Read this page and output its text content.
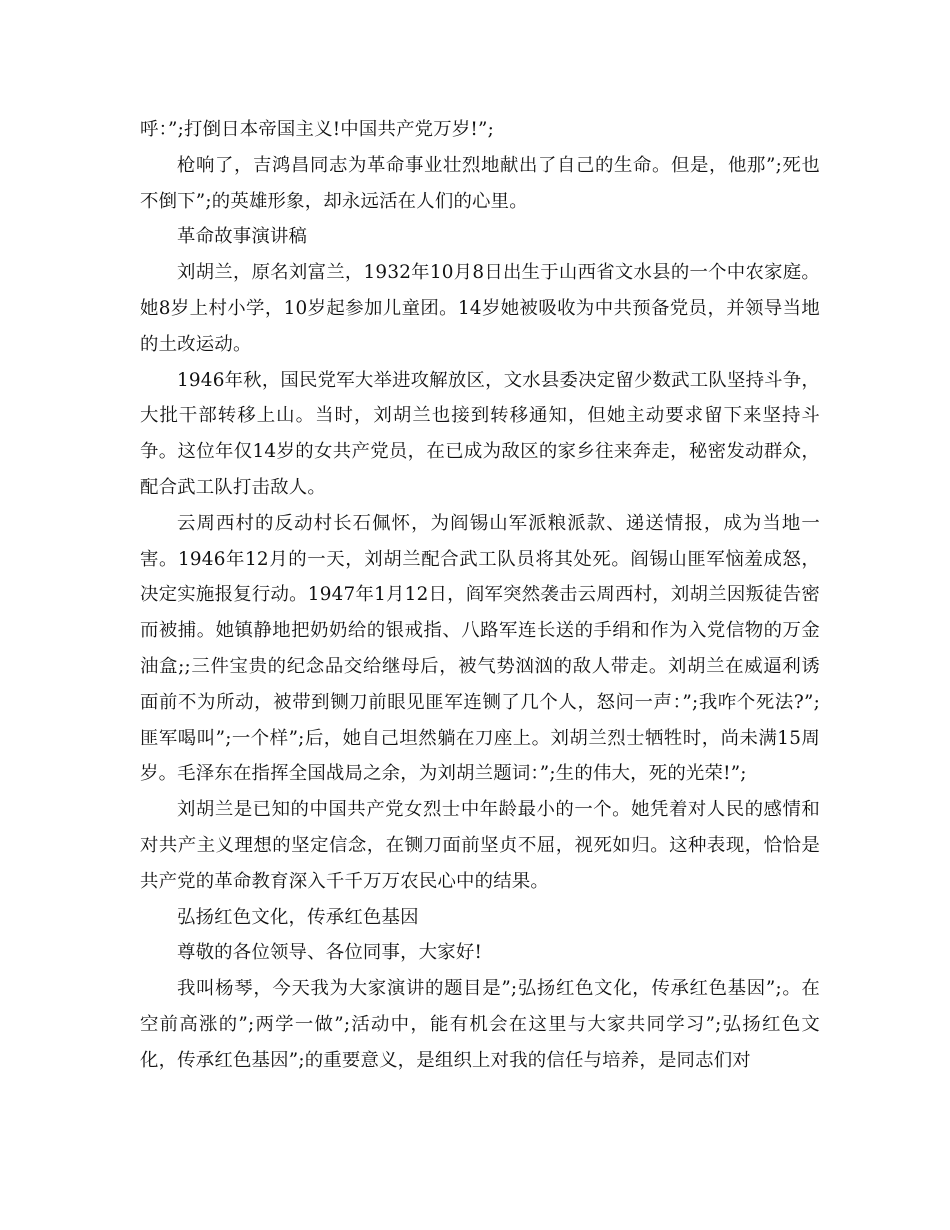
呼：”;打倒日本帝国主义!中国共产党万岁!”;

枪响了，吉鸿昌同志为革命事业壮烈地献出了自己的生命。但是，他那”;死也不倒下”;的英雄形象，却永远活在人们的心里。

革命故事演讲稿

刘胡兰，原名刘富兰，1932年10月8日出生于山西省文水县的一个中农家庭。她8岁上村小学，10岁起参加儿童团。14岁她被吸收为中共预备党员，并领导当地的土改运动。

1946年秋，国民党军大举进攻解放区，文水县委决定留少数武工队坚持斗争，大批干部转移上山。当时，刘胡兰也接到转移通知，但她主动要求留下来坚持斗争。这位年仅14岁的女共产党员，在已成为敌区的家乡往来奔走，秘密发动群众，配合武工队打击敌人。

云周西村的反动村长石佩怀，为阎锡山军派粮派款、递送情报，成为当地一害。1946年12月的一天，刘胡兰配合武工队员将其处死。阎锡山匪军恼羞成怒，决定实施报复行动。1947年1月12日，阎军突然袭击云周西村，刘胡兰因叛徒告密而被捕。她镇静地把奶奶给的银戒指、八路军连长送的手绢和作为入党信物的万金油盒;;三件宝贵的纪念品交给继母后，被气势汹汹的敌人带走。刘胡兰在威逼利诱面前不为所动，被带到铡刀前眼见匪军连铡了几个人，怒问一声：”;我咋个死法?”;匪军喝叫”;一个样”;后，她自己坦然躺在刀座上。刘胡兰烈士牺牲时，尚未满15周岁。毛泽东在指挥全国战局之余，为刘胡兰题词：”;生的伟大，死的光荣!”;

刘胡兰是已知的中国共产党女烈士中年龄最小的一个。她凭着对人民的感情和对共产主义理想的坚定信念，在铡刀面前坚贞不屈，视死如归。这种表现，恰恰是共产党的革命教育深入千千万万农民心中的结果。

弘扬红色文化，传承红色基因

尊敬的各位领导、各位同事，大家好!

我叫杨琴，今天我为大家演讲的题目是”;弘扬红色文化，传承红色基因”;。在空前高涨的”;两学一做”;活动中，能有机会在这里与大家共同学习”;弘扬红色文化，传承红色基因”;的重要意义，是组织上对我的信任与培养，是同志们对
